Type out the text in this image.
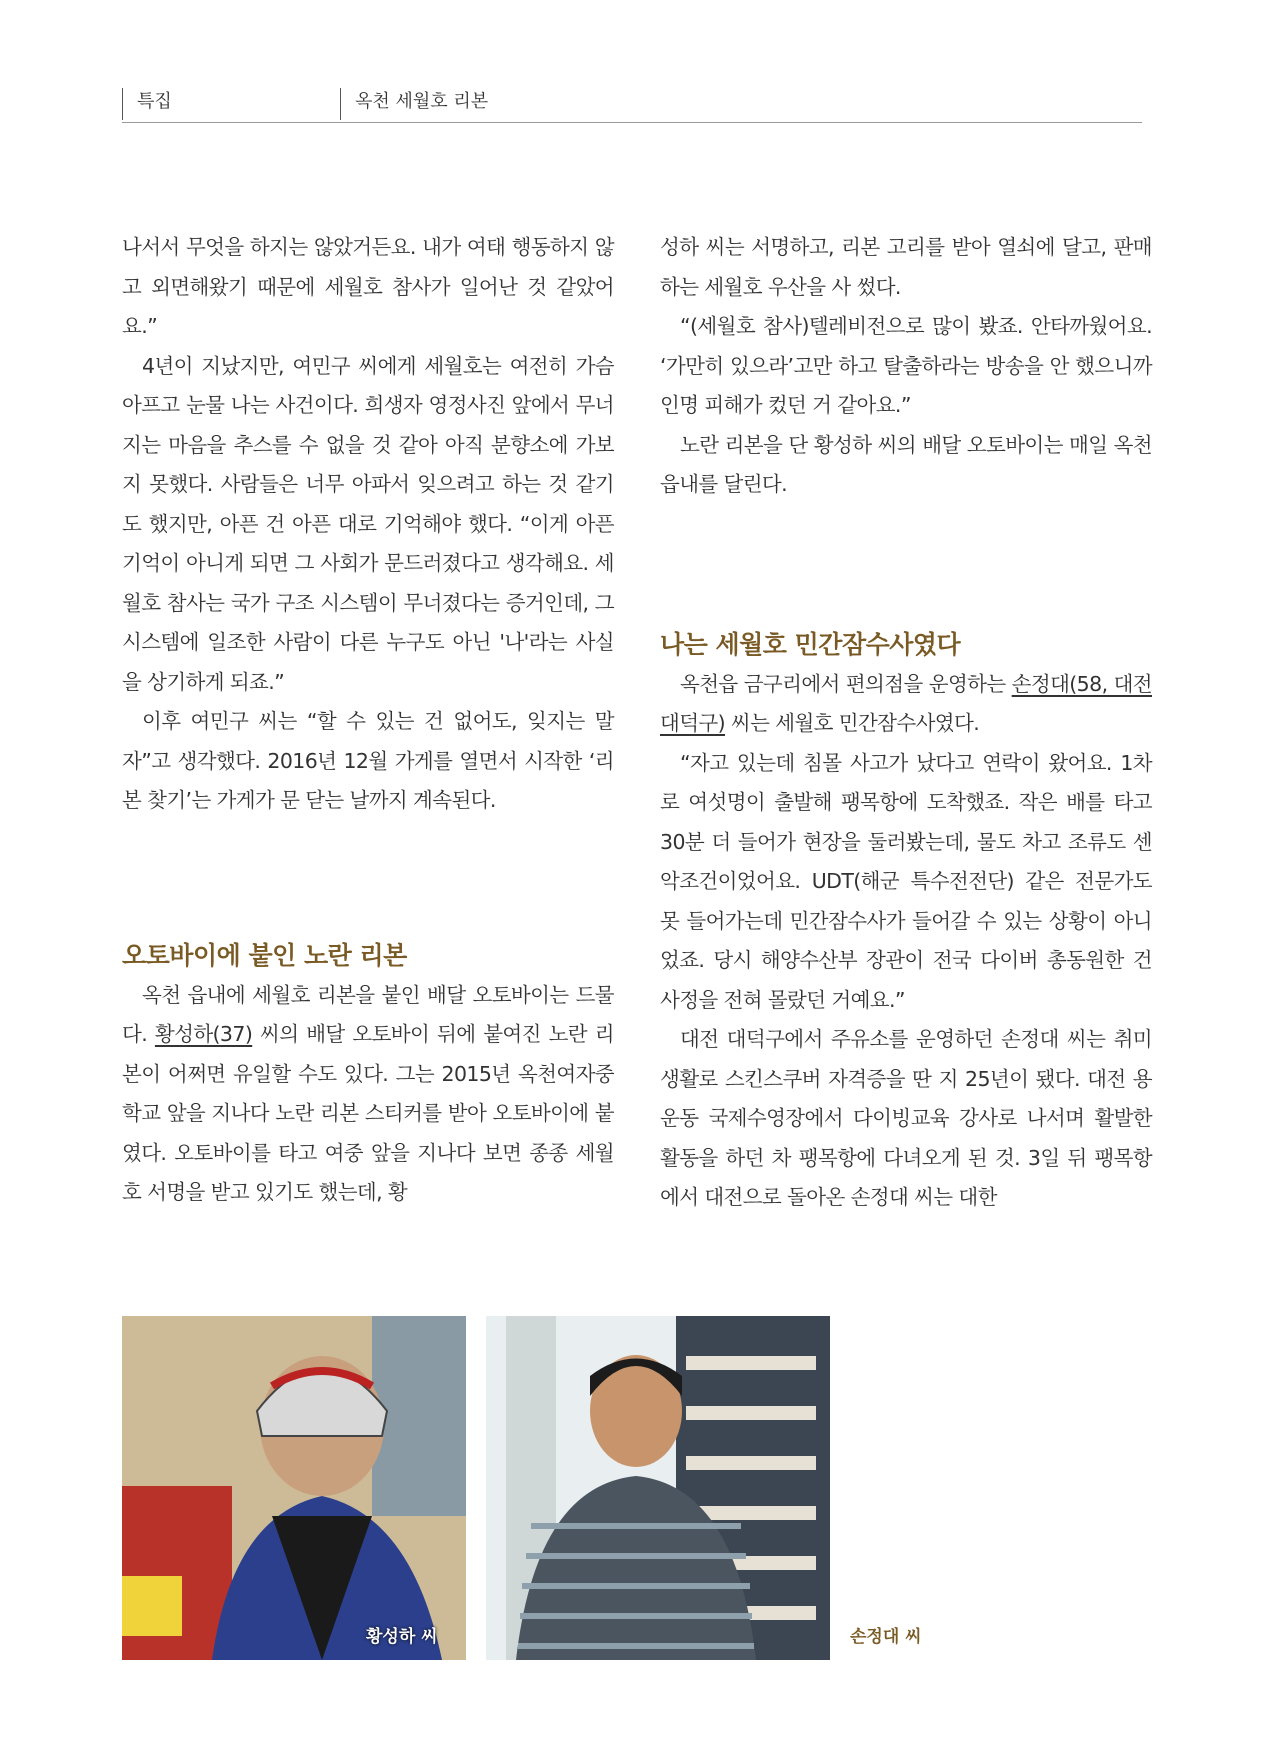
특집	옥천 세월호 리본

나서서 무엇을 하지는 않았거든요. 내가 여태 행동하지 않고 외면해왔기 때문에 세월호 참사가 일어난 것 같았어요.”

4년이 지났지만, 여민구 씨에게 세월호는 여전히 가슴 아프고 눈물 나는 사건이다. 희생자 영정사진 앞에서 무너지는 마음을 추스를 수 없을 것 같아 아직 분향소에 가보지 못했다. 사람들은 너무 아파서 잊으려고 하는 것 같기도 했지만, 아픈 건 아픈 대로 기억해야 했다. “이게 아픈 기억이 아니게 되면 그 사회가 문드러졌다고 생각해요. 세월호 참사는 국가 구조 시스템이 무너졌다는 증거인데, 그 시스템에 일조한 사람이 다른 누구도 아닌 '나'라는 사실을 상기하게 되죠.”

이후 여민구 씨는 “할 수 있는 건 없어도, 잊지는 말자”고 생각했다. 2016년 12월 가게를 열면서 시작한 ‘리본 찾기’는 가게가 문 닫는 날까지 계속된다.

오토바이에 붙인 노란 리본

옥천 읍내에 세월호 리본을 붙인 배달 오토바이는 드물다. 황성하(37) 씨의 배달 오토바이 뒤에 붙여진 노란 리본이 어쩌면 유일할 수도 있다. 그는 2015년 옥천여자중학교 앞을 지나다 노란 리본 스티커를 받아 오토바이에 붙였다. 오토바이를 타고 여중 앞을 지나다 보면 종종 세월호 서명을 받고 있기도 했는데, 황

성하 씨는 서명하고, 리본 고리를 받아 열쇠에 달고, 판매하는 세월호 우산을 사 썼다.

“(세월호 참사)텔레비전으로 많이 봤죠. 안타까웠어요. ‘가만히 있으라’고만 하고 탈출하라는 방송을 안 했으니까 인명 피해가 컸던 거 같아요.”

노란 리본을 단 황성하 씨의 배달 오토바이는 매일 옥천 읍내를 달린다.

나는 세월호 민간잠수사였다

옥천읍 금구리에서 편의점을 운영하는 손정대(58, 대전 대덕구) 씨는 세월호 민간잠수사였다.

“자고 있는데 침몰 사고가 났다고 연락이 왔어요. 1차로 여섯명이 출발해 팽목항에 도착했죠. 작은 배를 타고 30분 더 들어가 현장을 둘러봤는데, 물도 차고 조류도 센 악조건이었어요. UDT(해군 특수전전단) 같은 전문가도 못 들어가는데 민간잠수사가 들어갈 수 있는 상황이 아니었죠. 당시 해양수산부 장관이 전국 다이버 총동원한 건 사정을 전혀 몰랐던 거예요.”

대전 대덕구에서 주유소를 운영하던 손정대 씨는 취미 생활로 스킨스쿠버 자격증을 딴 지 25년이 됐다. 대전 용운동 국제수영장에서 다이빙교육 강사로 나서며 활발한 활동을 하던 차 팽목항에 다녀오게 된 것. 3일 뒤 팽목항에서 대전으로 돌아온 손정대 씨는 대한

황성하 씨	손정대 씨
